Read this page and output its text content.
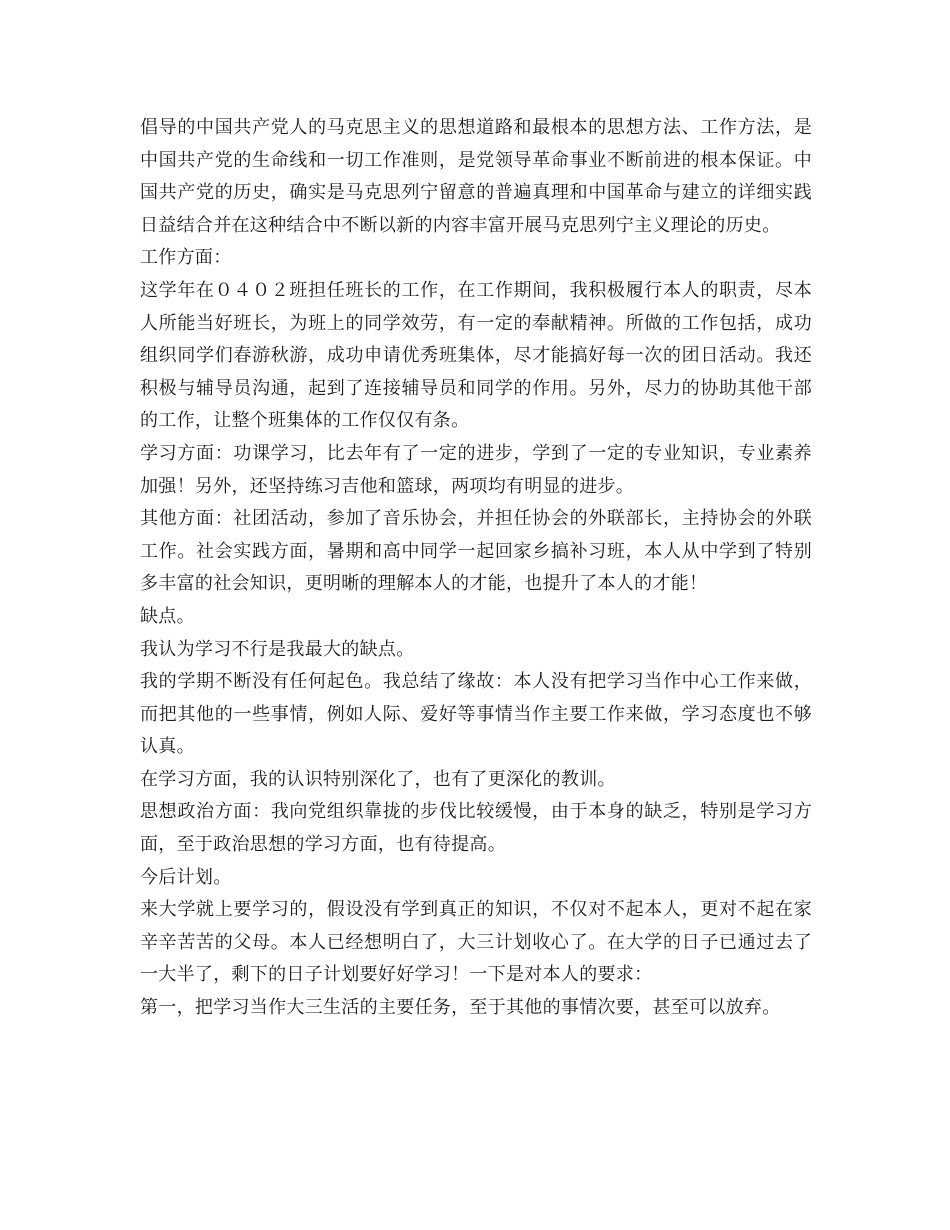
倡导的中国共产党人的马克思主义的思想道路和最根本的思想方法、工作方法，是中国共产党的生命线和一切工作准则，是党领导革命事业不断前进的根本保证。中国共产党的历史，确实是马克思列宁留意的普遍真理和中国革命与建立的详细实践日益结合并在这种结合中不断以新的内容丰富开展马克思列宁主义理论的历史。

工作方面：

这学年在０４０２班担任班长的工作，在工作期间，我积极履行本人的职责，尽本人所能当好班长，为班上的同学效劳，有一定的奉献精神。所做的工作包括，成功组织同学们春游秋游，成功申请优秀班集体，尽才能搞好每一次的团日活动。我还积极与辅导员沟通，起到了连接辅导员和同学的作用。另外，尽力的协助其他干部的工作，让整个班集体的工作仅仅有条。

学习方面：功课学习，比去年有了一定的进步，学到了一定的专业知识，专业素养加强！另外，还坚持练习吉他和篮球，两项均有明显的进步。

其他方面：社团活动，参加了音乐协会，并担任协会的外联部长，主持协会的外联工作。社会实践方面，暑期和高中同学一起回家乡搞补习班，本人从中学到了特别多丰富的社会知识，更明晰的理解本人的才能，也提升了本人的才能！

缺点。

我认为学习不行是我最大的缺点。

我的学期不断没有任何起色。我总结了缘故：本人没有把学习当作中心工作来做，而把其他的一些事情，例如人际、爱好等事情当作主要工作来做，学习态度也不够认真。

在学习方面，我的认识特别深化了，也有了更深化的教训。

思想政治方面：我向党组织靠拢的步伐比较缓慢，由于本身的缺乏，特别是学习方面，至于政治思想的学习方面，也有待提高。

今后计划。

来大学就上要学习的，假设没有学到真正的知识，不仅对不起本人，更对不起在家辛辛苦苦的父母。本人已经想明白了，大三计划收心了。在大学的日子已通过去了一大半了，剩下的日子计划要好好学习！一下是对本人的要求：

第一，把学习当作大三生活的主要任务，至于其他的事情次要，甚至可以放弃。
